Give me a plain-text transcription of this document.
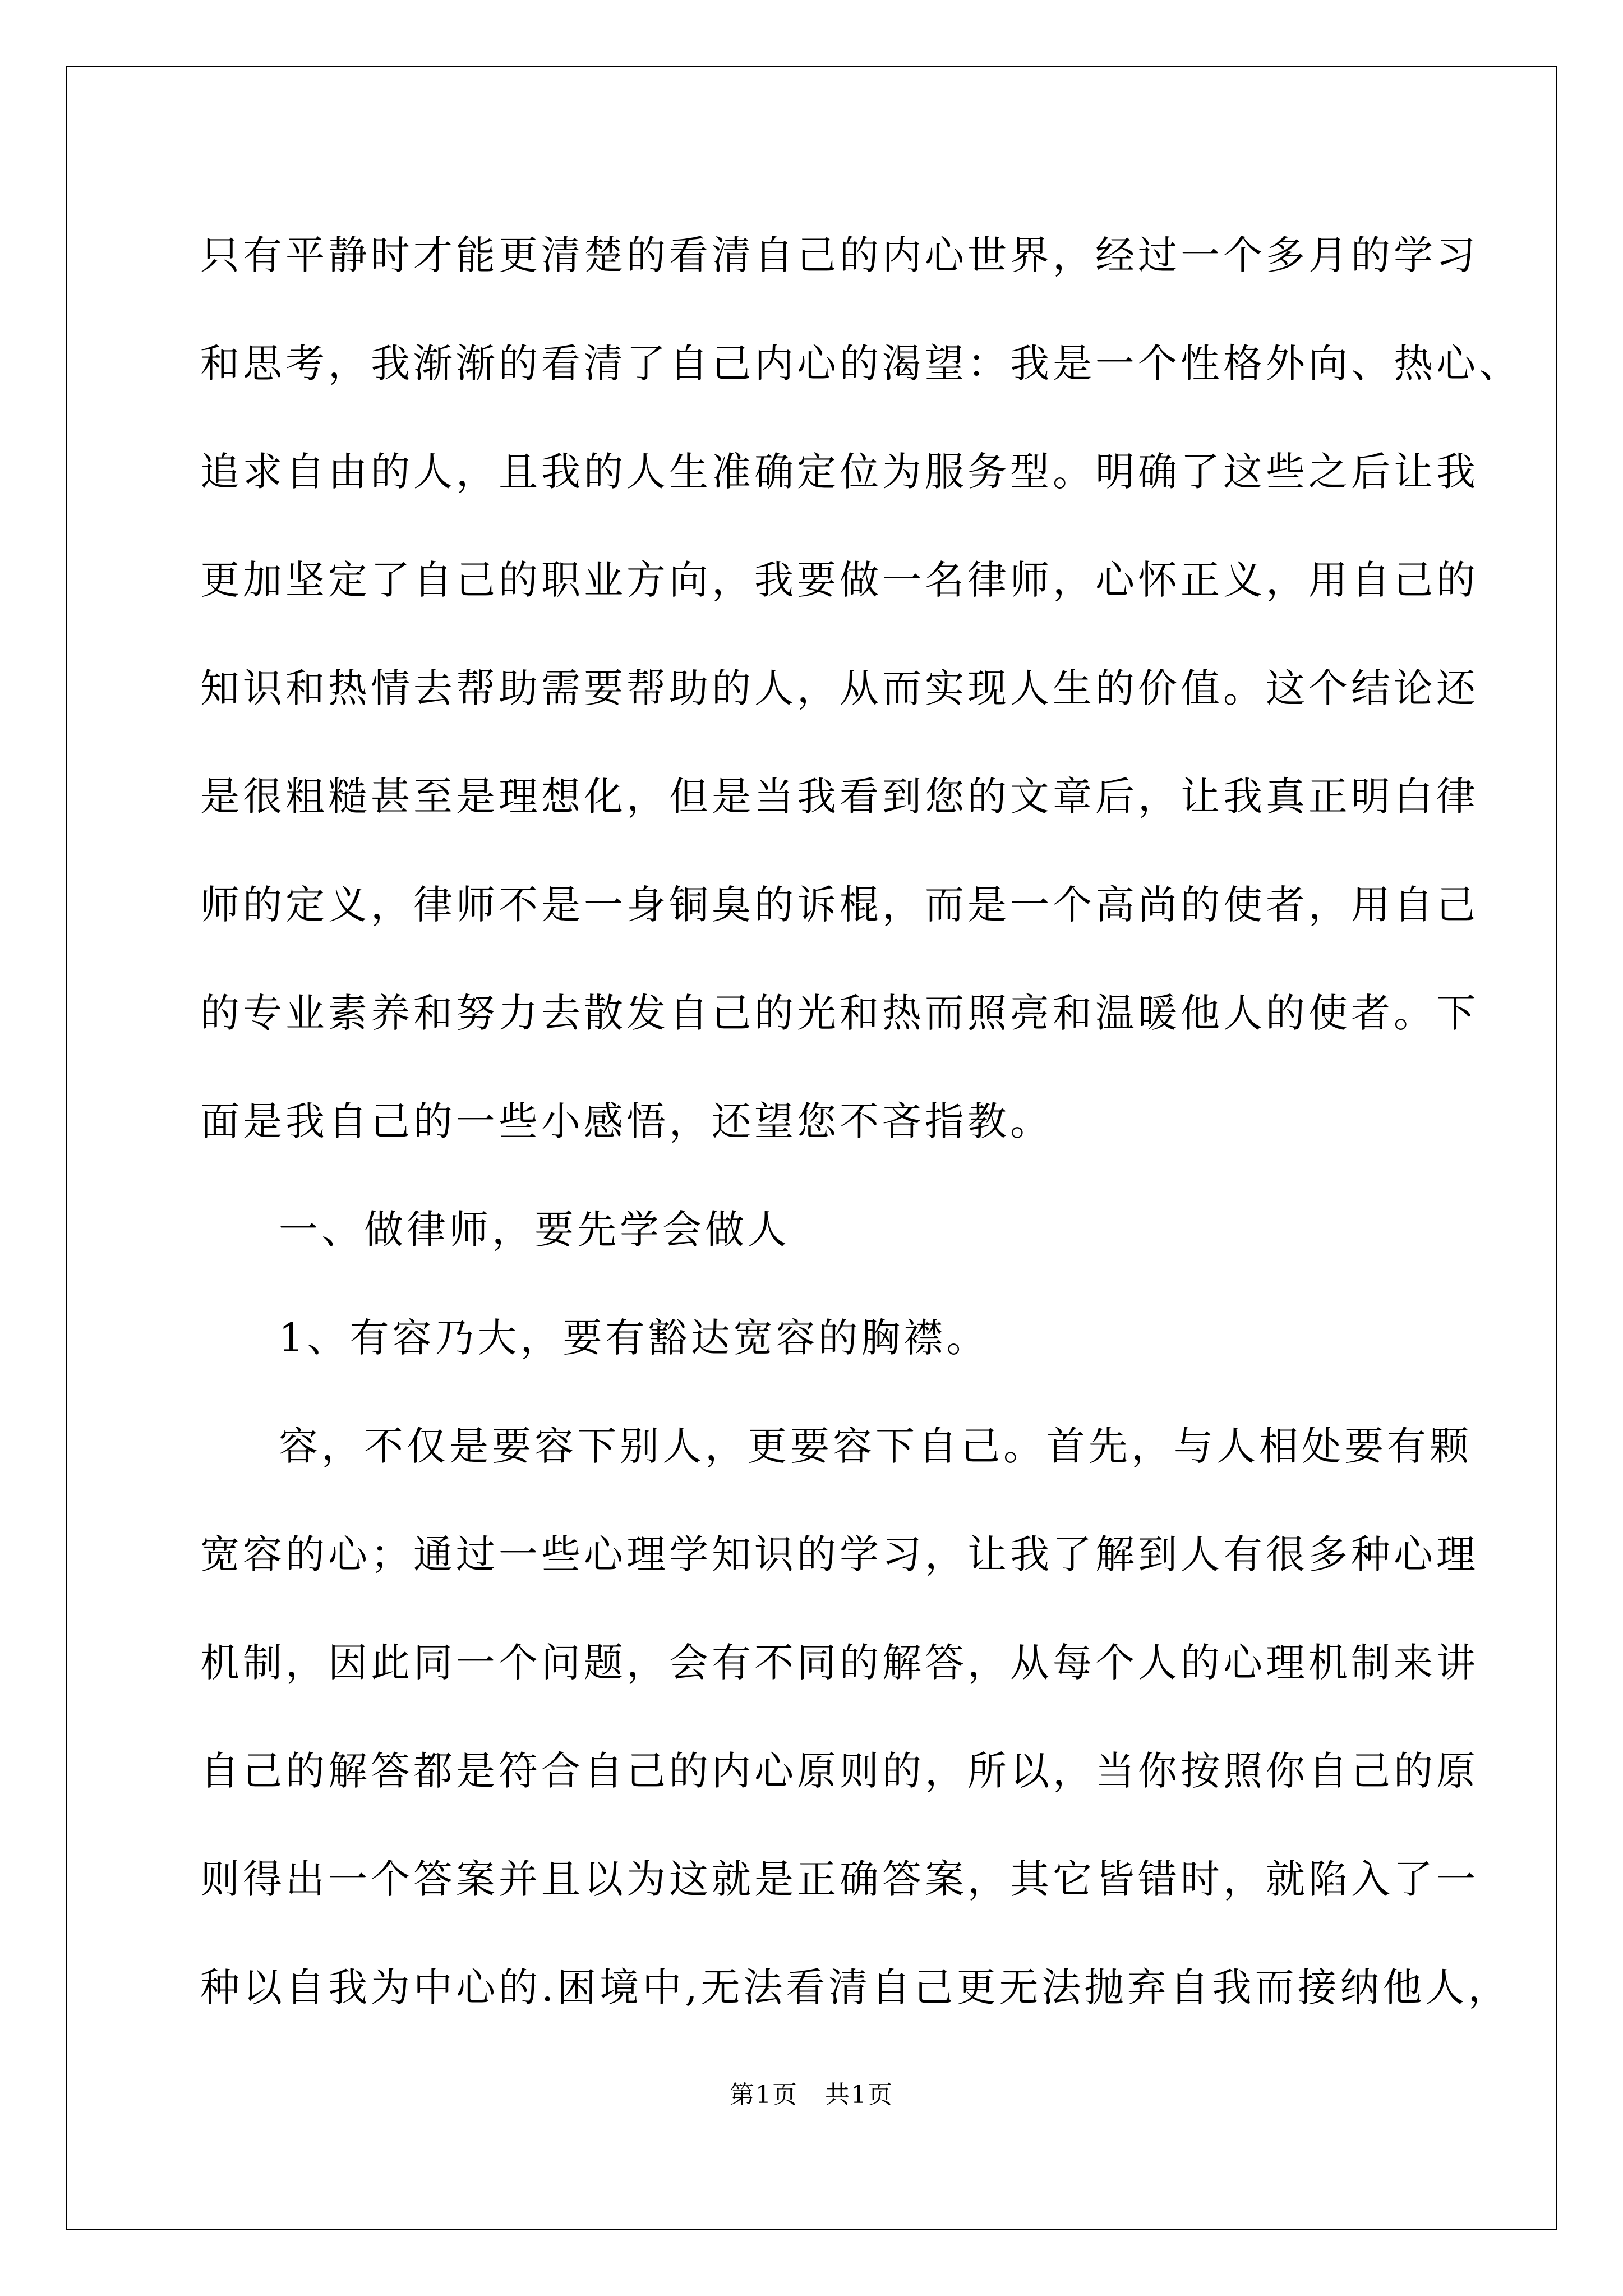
只有平静时才能更清楚的看清自己的内心世界，经过一个多月的学习
和思考，我渐渐的看清了自己内心的渴望：我是一个性格外向、热心、
追求自由的人，且我的人生准确定位为服务型。明确了这些之后让我
更加坚定了自己的职业方向，我要做一名律师，心怀正义，用自己的
知识和热情去帮助需要帮助的人，从而实现人生的价值。这个结论还
是很粗糙甚至是理想化，但是当我看到您的文章后，让我真正明白律
师的定义，律师不是一身铜臭的诉棍，而是一个高尚的使者，用自己
的专业素养和努力去散发自己的光和热而照亮和温暖他人的使者。下
面是我自己的一些小感悟，还望您不吝指教。
一、做律师，要先学会做人
1、有容乃大，要有豁达宽容的胸襟。
容，不仅是要容下别人，更要容下自己。首先，与人相处要有颗
宽容的心；通过一些心理学知识的学习，让我了解到人有很多种心理
机制，因此同一个问题，会有不同的解答，从每个人的心理机制来讲
自己的解答都是符合自己的内心原则的，所以，当你按照你自己的原
则得出一个答案并且以为这就是正确答案，其它皆错时，就陷入了一
种以自我为中心的.困境中,无法看清自己更无法抛弃自我而接纳他人，
第1页 共1页
